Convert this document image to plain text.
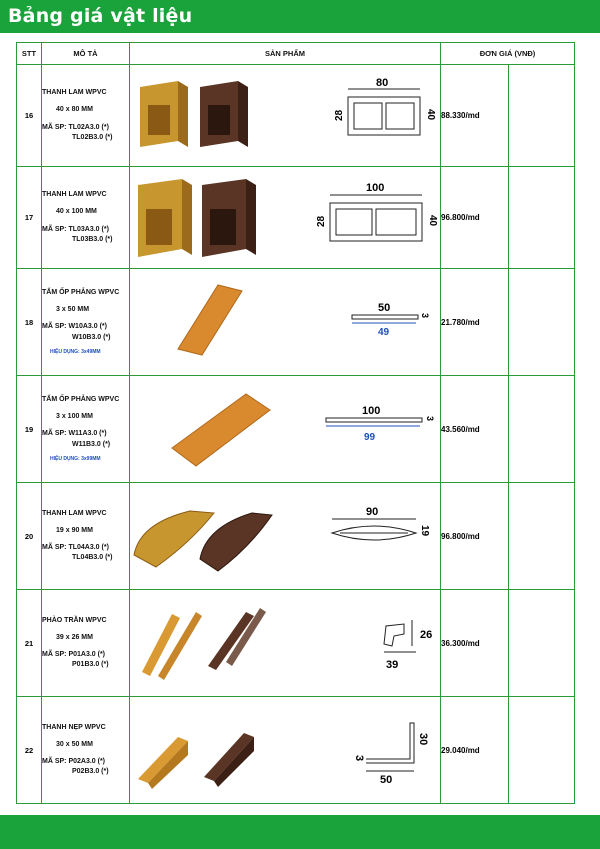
Bảng giá vật liệu
STT	MÔ TẢ	SẢN PHẨM	ĐƠN GIÁ (VNĐ)	
16	THANH LAM WPVC
40 x 80 MM
MÃ SP: TL02A3.0 (*)
TL02B3.0 (*)	80
28 40	88.330/md	
17	THANH LAM WPVC
40 x 100 MM
MÃ SP: TL03A3.0 (*)
TL03B3.0 (*)	100
28 40	96.800/md	
18	TẤM ỐP PHẲNG WPVC
3 x 50 MM
MÃ SP: W10A3.0 (*)
W10B3.0 (*)
HIỆU DỤNG: 3x49MM	50
3
49	21.780/md	
19	TẤM ỐP PHẲNG WPVC
3 x 100 MM
MÃ SP: W11A3.0 (*)
W11B3.0 (*)
HIỆU DỤNG: 3x99MM	100
3
99	43.560/md	
20	THANH LAM WPVC
19 x 90 MM
MÃ SP: TL04A3.0 (*)
TL04B3.0 (*)	90
19	96.800/md	
21	PHÀO TRẦN WPVC
39 x 26 MM
MÃ SP: P01A3.0 (*)
P01B3.0 (*)	26
39	36.300/md	
22	THANH NẸP WPVC
30 x 50 MM
MÃ SP: P02A3.0 (*)
P02B3.0 (*)	30
3
50	29.040/md	
